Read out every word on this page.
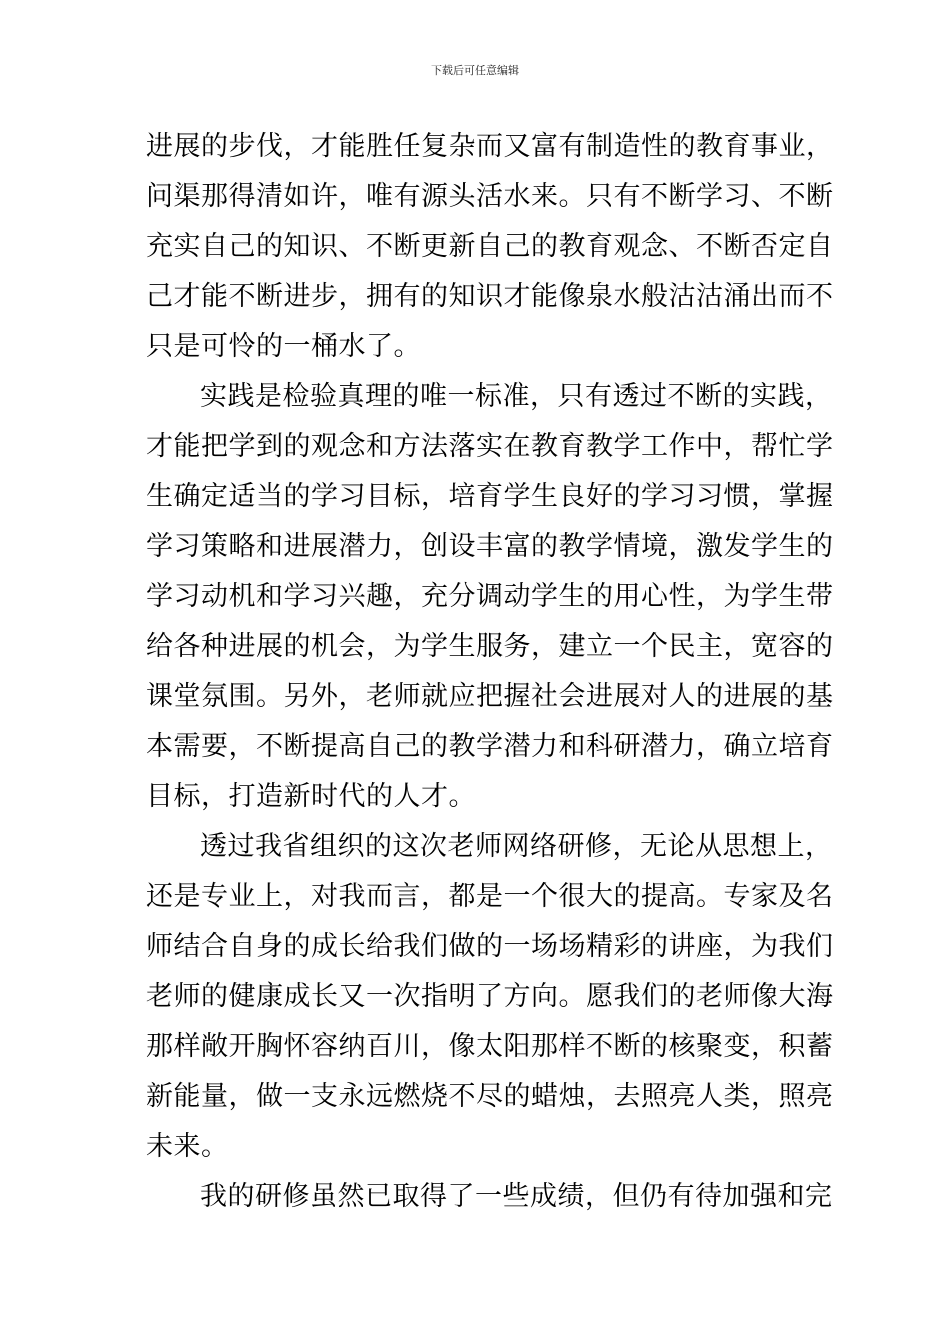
下载后可任意编辑
进展的步伐，才能胜任复杂而又富有制造性的教育事业，
问渠那得清如许，唯有源头活水来。只有不断学习、不断
充实自己的知识、不断更新自己的教育观念、不断否定自
己才能不断进步，拥有的知识才能像泉水般沽沽涌出而不
只是可怜的一桶水了。
实践是检验真理的唯一标准，只有透过不断的实践，
才能把学到的观念和方法落实在教育教学工作中，帮忙学
生确定适当的学习目标，培育学生良好的学习习惯，掌握
学习策略和进展潜力，创设丰富的教学情境，激发学生的
学习动机和学习兴趣，充分调动学生的用心性，为学生带
给各种进展的机会，为学生服务，建立一个民主，宽容的
课堂氛围。另外，老师就应把握社会进展对人的进展的基
本需要，不断提高自己的教学潜力和科研潜力，确立培育
目标，打造新时代的人才。
透过我省组织的这次老师网络研修，无论从思想上，
还是专业上，对我而言，都是一个很大的提高。专家及名
师结合自身的成长给我们做的一场场精彩的讲座，为我们
老师的健康成长又一次指明了方向。愿我们的老师像大海
那样敞开胸怀容纳百川，像太阳那样不断的核聚变，积蓄
新能量，做一支永远燃烧不尽的蜡烛，去照亮人类，照亮
未来。
我的研修虽然已取得了一些成绩，但仍有待加强和完
